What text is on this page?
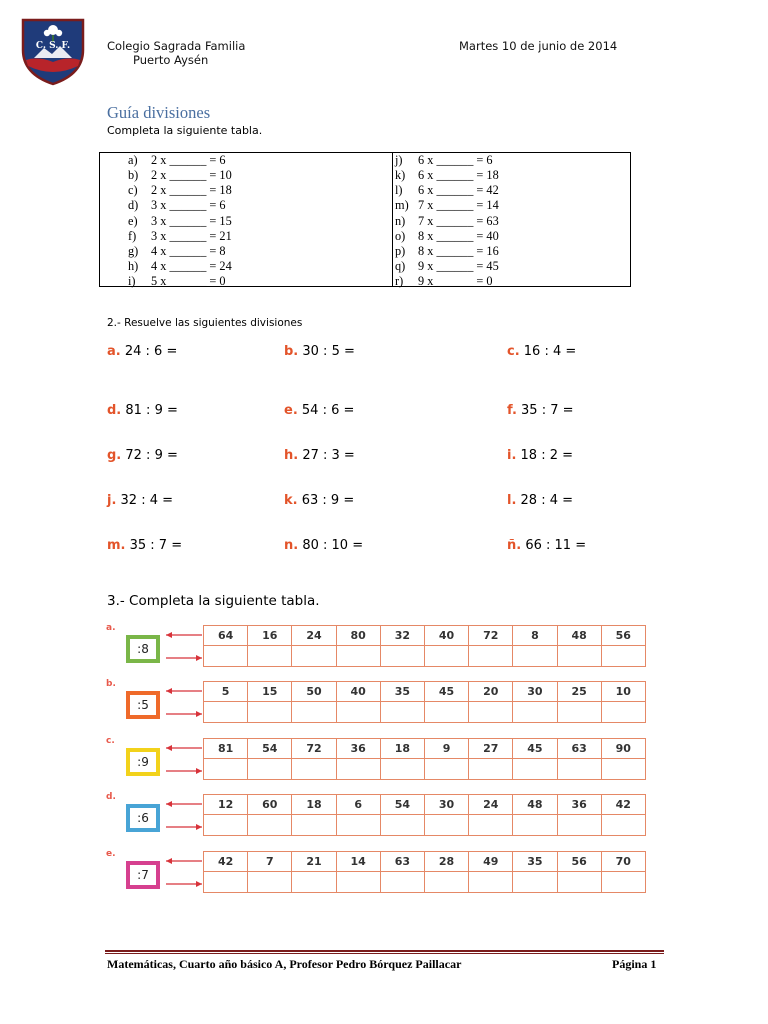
C. S. F.	Colegio Sagrada Familia
Puerto Aysén
Martes 10 de junio de 2014
Guía divisiones
Completa la siguiente tabla.
a) 2 x ______ = 6
b) 2 x ______ = 10
c) 2 x ______ = 18
d) 3 x ______ = 6
e) 3 x ______ = 15
f) 3 x ______ = 21
g) 4 x ______ = 8
h) 4 x ______ = 24
i) 5 x ______ = 0
j) 6 x ______ = 6
k) 6 x ______ = 18
l) 6 x ______ = 42
m) 7 x ______ = 14
n) 7 x ______ = 63
o) 8 x ______ = 40
p) 8 x ______ = 16
q) 9 x ______ = 45
r) 9 x ______ = 0
2.- Resuelve las siguientes divisiones
a. 24 : 6 =	b. 30 : 5 =	c. 16 : 4 =
d. 81 : 9 =	e. 54 : 6 =	f. 35 : 7 =
g. 72 : 9 =	h. 27 : 3 =	i. 18 : 2 =
j. 32 : 4 =	k. 63 : 9 =	l. 28 : 4 =
m. 35 : 7 =	n. 80 : 10 =	ñ. 66 : 11 =
3.- Completa la siguiente tabla.
a.
:8
64	16	24	80	32	40	72	8	48	56

b.
:5
5	15	50	40	35	45	20	30	25	10

c.
:9
81	54	72	36	18	9	27	45	63	90

d.
:6
12	60	18	6	54	30	24	48	36	42

e.
:7
42	7	21	14	63	28	49	35	56	70

Matemáticas, Cuarto año básico A, Profesor Pedro Bórquez Paillacar	Página 1
